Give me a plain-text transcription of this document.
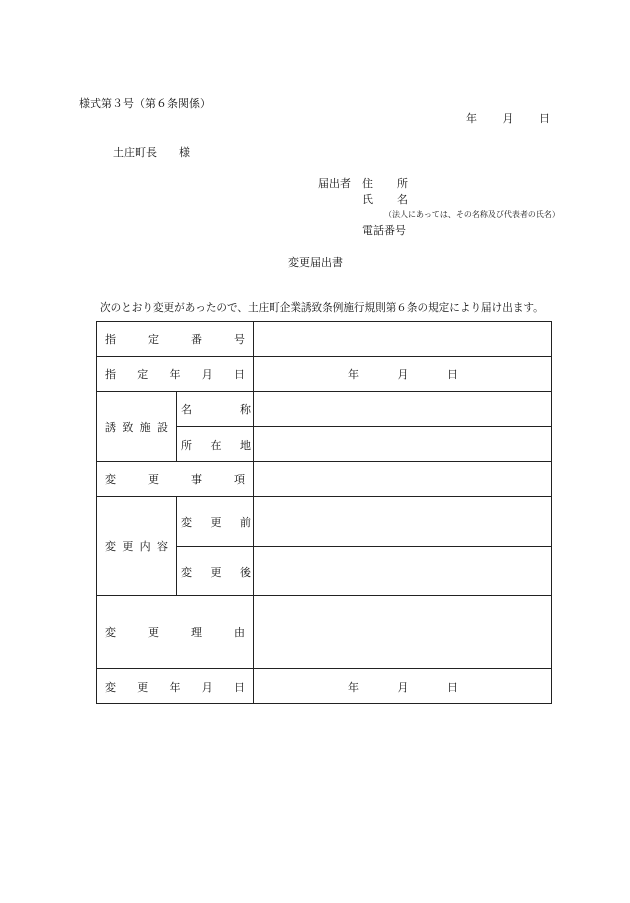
様式第３号（第６条関係）
年 月 日
土庄町長 様
届出者 住 所
氏 名
（法人にあっては、その名称及び代表者の氏名）
電話番号
変更届出書
次のとおり変更があったので、土庄町企業誘致条例施行規則第６条の規定により届け出ます。
指	定	番	号
指 定 年 月 日	年	月	日
誘 致 施 設
名	称
所 在 地
変	更	事	項
変 更 内 容
変 更 前
変 更 後
変	更	理	由
変 更 年 月 日	年	月	日
